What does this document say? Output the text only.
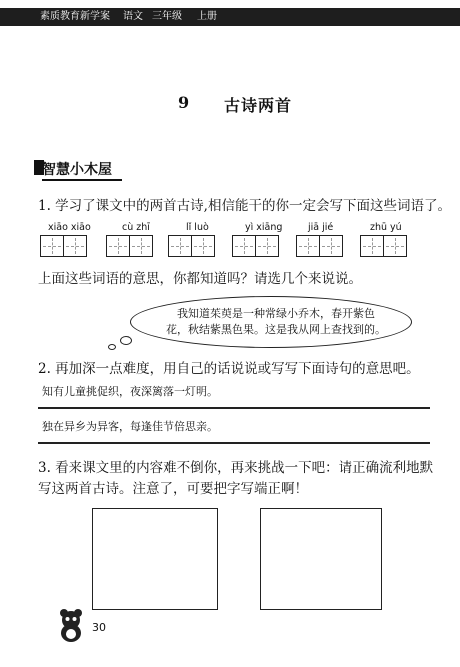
素质教育新学案 语文 三年级 上册
9 古诗两首
智慧小木屋
1. 学习了课文中的两首古诗,相信能干的你一定会写下面这些词语了。
xiāo xiāo	cù zhī	lǐ luò	yì xiāng	jiā jié	zhū yú
上面这些词语的意思，你都知道吗？请选几个来说说。
我知道茱萸是一种常绿小乔木，春开紫色
花，秋结紫黑色果。这是我从网上查找到的。
2. 再加深一点难度，用自己的话说说或写写下面诗句的意思吧。
知有儿童挑促织，夜深篱落一灯明。
独在异乡为异客，每逢佳节倍思亲。
3. 看来课文里的内容难不倒你，再来挑战一下吧：请正确流利地默
写这两首古诗。注意了，可要把字写端正啊！
30
